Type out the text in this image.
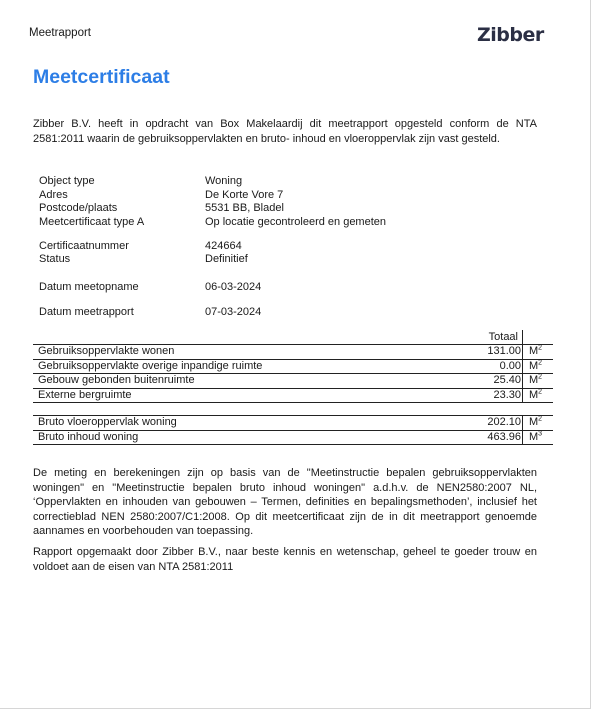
Meetrapport	Zibber
Meetcertificaat
Zibber B.V. heeft in opdracht van Box Makelaardij dit meetrapport opgesteld conform de NTA 2581:2011 waarin de gebruiksoppervlakten en bruto- inhoud en vloeroppervlak zijn vast gesteld.
Object type	Woning
Adres	De Korte Vore 7
Postcode/plaats	5531 BB, Bladel
Meetcertificaat type A	Op locatie gecontroleerd en gemeten
Certificaatnummer	424664
Status	Definitief
Datum meetopname	06-03-2024
Datum meetrapport	07-03-2024
Totaal
Gebruiksoppervlakte wonen	131.00 $M^2$
Gebruiksoppervlakte overige inpandige ruimte	0.00 $M^2$
Gebouw gebonden buitenruimte	25.40 $M^2$
Externe bergruimte	23.30 $M^2$
Bruto vloeroppervlak woning	202.10 $M^2$
Bruto inhoud woning	463.96 $M^3$
De meting en berekeningen zijn op basis van de "Meetinstructie bepalen gebruiksoppervlakten woningen" en "Meetinstructie bepalen bruto inhoud woningen" a.d.h.v. de NEN2580:2007 NL, ‘Oppervlakten en inhouden van gebouwen – Termen, definities en bepalingsmethoden’, inclusief het correctieblad NEN 2580:2007/C1:2008. Op dit meetcertificaat zijn de in dit meetrapport genoemde aannames en voorbehouden van toepassing.
Rapport opgemaakt door Zibber B.V., naar beste kennis en wetenschap, geheel te goeder trouw en voldoet aan de eisen van NTA 2581:2011
